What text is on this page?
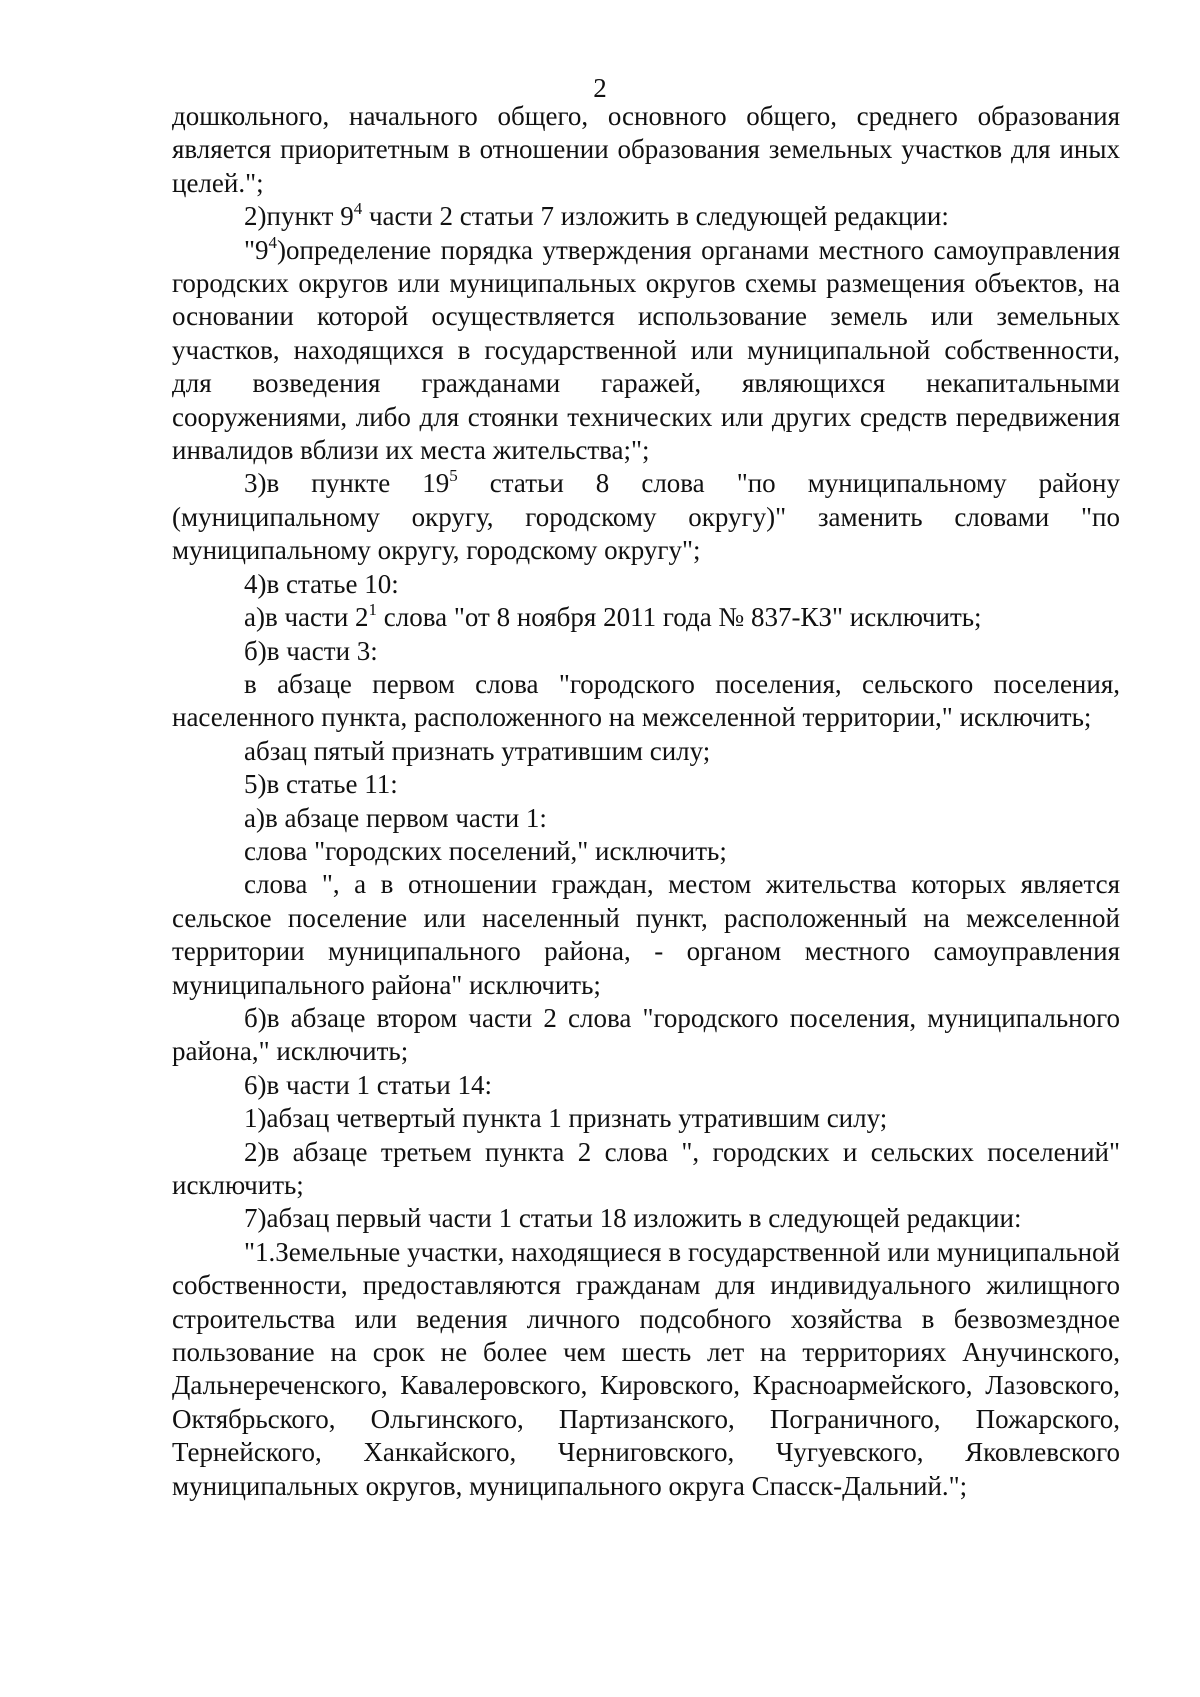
2

дошкольного, начального общего, основного общего, среднего образования является приоритетным в отношении образования земельных участков для иных целей.";

2)пункт $9^4$ части 2 статьи 7 изложить в следующей редакции:

"$9^4)определение$ порядка утверждения органами местного самоуправления городских округов или муниципальных округов схемы размещения объектов, на основании которой осуществляется использование земель или земельных участков, находящихся в государственной или муниципальной собственности, для возведения гражданами гаражей, являющихся некапитальными сооружениями, либо для стоянки технических или других средств передвижения инвалидов вблизи их места жительства;";

3)в пункте $19^5$ статьи 8 слова "по муниципальному району (муниципальному округу, городскому округу)" заменить словами "по муниципальному округу, городскому округу";

4)в статье 10:

а)в части $2^1$ слова "от 8 ноября 2011 года № 837-КЗ" исключить;

б)в части 3:

в абзаце первом слова "городского поселения, сельского поселения, населенного пункта, расположенного на межселенной территории," исключить;

абзац пятый признать утратившим силу;

5)в статье 11:

а)в абзаце первом части 1:

слова "городских поселений," исключить;

слова ", а в отношении граждан, местом жительства которых является сельское поселение или населенный пункт, расположенный на межселенной территории муниципального района, - органом местного самоуправления муниципального района" исключить;

б)в абзаце втором части 2 слова "городского поселения, муниципального района," исключить;

6)в части 1 статьи 14:

1)абзац четвертый пункта 1 признать утратившим силу;

2)в абзаце третьем пункта 2 слова ", городских и сельских поселений" исключить;

7)абзац первый части 1 статьи 18 изложить в следующей редакции:

"1.Земельные участки, находящиеся в государственной или муниципальной собственности, предоставляются гражданам для индивидуального жилищного строительства или ведения личного подсобного хозяйства в безвозмездное пользование на срок не более чем шесть лет на территориях Анучинского, Дальнереченского, Кавалеровского, Кировского, Красноармейского, Лазовского, Октябрьского, Ольгинского, Партизанского, Пограничного, Пожарского, Тернейского, Ханкайского, Черниговского, Чугуевского, Яковлевского муниципальных округов, муниципального округа Спасск-Дальний.";
